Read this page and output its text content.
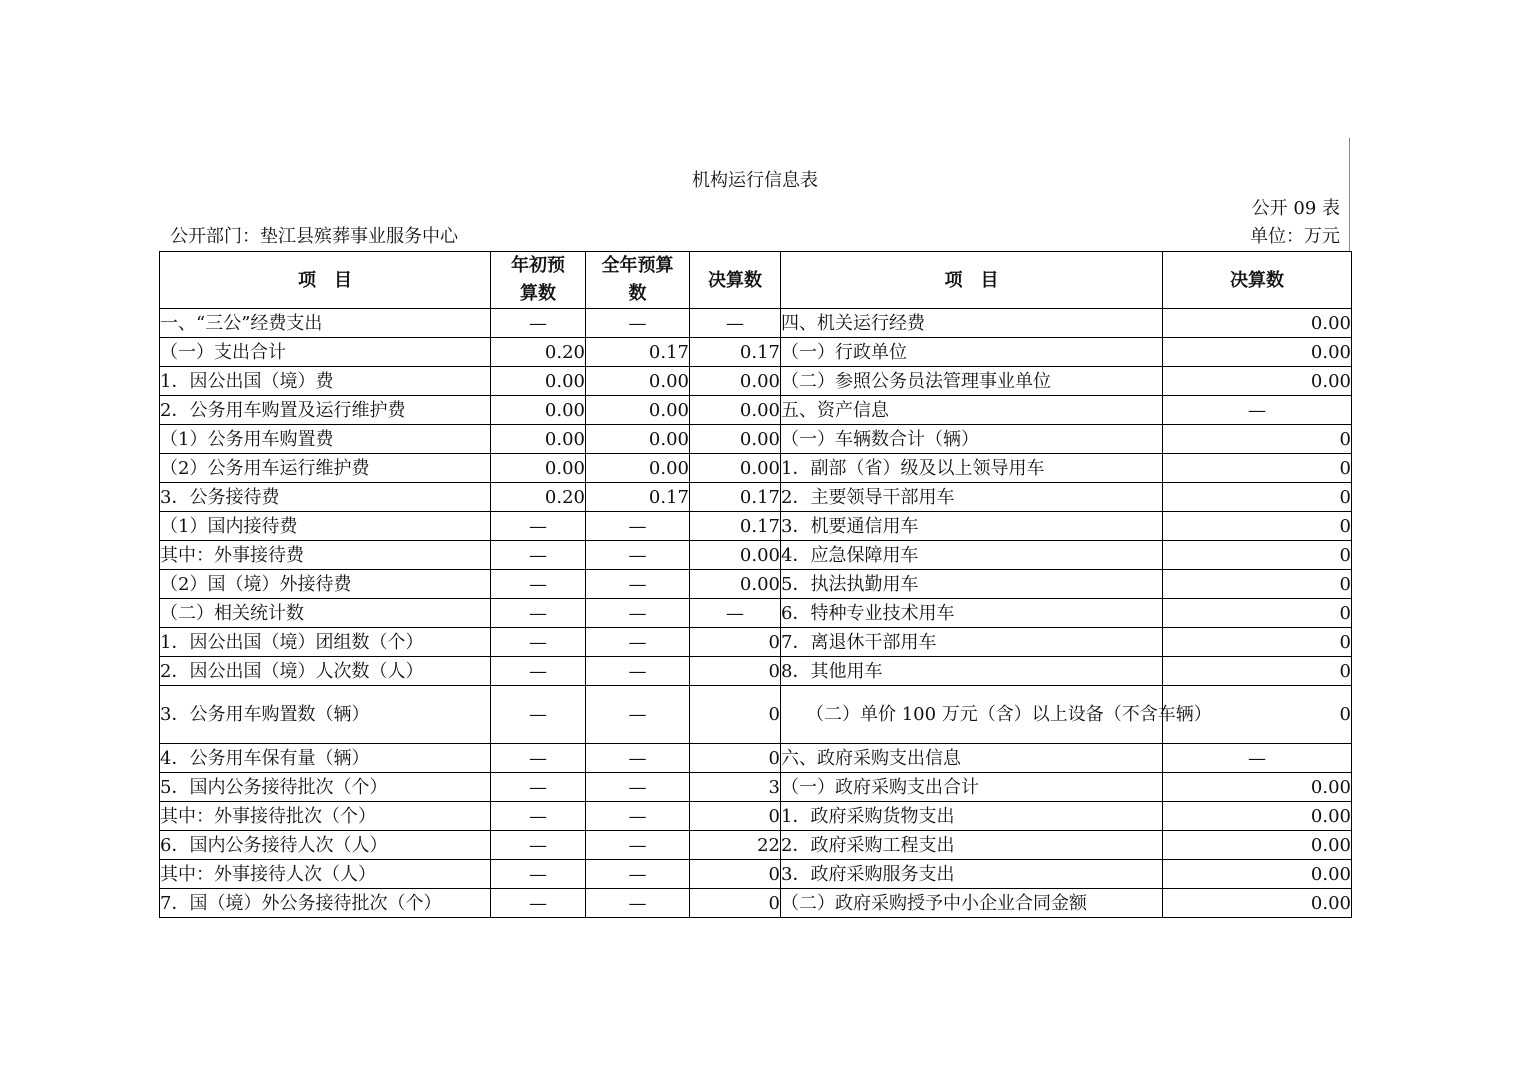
机构运行信息表
公开 09 表
公开部门：垫江县殡葬事业服务中心	单位：万元
项　目	年初预算数	全年预算数	决算数	项　目	决算数
一、“三公”经费支出	—	—	—	四、机关运行经费	0.00
（一）支出合计	0.20	0.17	0.17	（一）行政单位	0.00
1．因公出国（境）费	0.00	0.00	0.00	（二）参照公务员法管理事业单位	0.00
2．公务用车购置及运行维护费	0.00	0.00	0.00	五、资产信息	—
（1）公务用车购置费	0.00	0.00	0.00	（一）车辆数合计（辆）	0
（2）公务用车运行维护费	0.00	0.00	0.00	1．副部（省）级及以上领导用车	0
3．公务接待费	0.20	0.17	0.17	2．主要领导干部用车	0
（1）国内接待费	—	—	0.17	3．机要通信用车	0
其中：外事接待费	—	—	0.00	4．应急保障用车	0
（2）国（境）外接待费	—	—	0.00	5．执法执勤用车	0
（二）相关统计数	—	—	—	6．特种专业技术用车	0
1．因公出国（境）团组数（个）	—	—	0	7．离退休干部用车	0
2．因公出国（境）人次数（人）	—	—	0	8．其他用车	0
3．公务用车购置数（辆）	—	—	0	（二）单价 100 万元（含）以上设备（不含车辆）	0
4．公务用车保有量（辆）	—	—	0	六、政府采购支出信息	—
5．国内公务接待批次（个）	—	—	3	（一）政府采购支出合计	0.00
其中：外事接待批次（个）	—	—	0	1．政府采购货物支出	0.00
6．国内公务接待人次（人）	—	—	22	2．政府采购工程支出	0.00
其中：外事接待人次（人）	—	—	0	3．政府采购服务支出	0.00
7．国（境）外公务接待批次（个）	—	—	0	（二）政府采购授予中小企业合同金额	0.00
